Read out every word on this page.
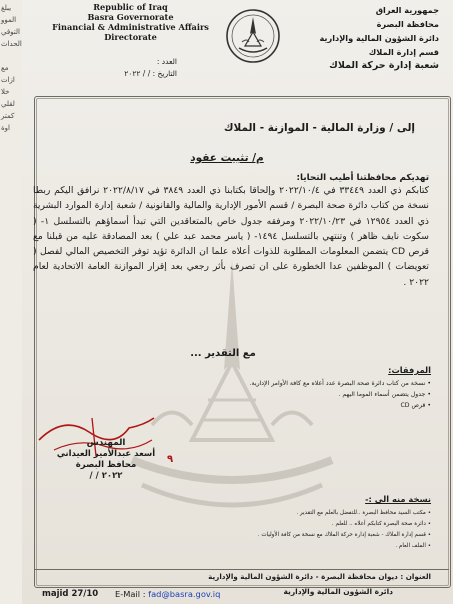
يبلغ
الموو
التوقي
الحداث
مع
ازات
خلا
لقلي
كمتر
اوة
Republic of Iraq
Basra Governorate
Financial & Administrative Affairs
Directorate
جمهورية العراق
محافظة البصرة
دائرة الشؤون المالية والإدارية
قسم إدارة الملاك
شعبة إدارة حركة الملاك
العدد :
التاريخ : / / ٢٠٢٢
إلى / وزارة المالية - الموازنة - الملاك
م/ تثبيت عقود
تهديكم محافظتنا أطيب التحايا:
كتابكم ذي العدد ٣٣٤٤٩ في ٢٠٢٢/١٠/٤ وإلحاقا بكتابنا ذي العدد ٣٨٤٩ في ٢٠٢٢/٨/١٧ نرافق اليكم ربطا نسخة من كتاب دائرة صحة البصرة / قسم الأمور الإدارية والمالية والقانونية / شعبة إدارة الموارد البشرية ذي العدد ١٢٩٥٤ في ٢٠٢٢/١٠/٢٣ ومرفقه جدول خاص بالمتعاقدين التي تبدأ أسماؤهم بالتسلسل ١- ( سكوت نايف ظاهر ) وتنتهي بالتسلسل ١٤٩٤- ( ياسر محمد عبد علي ) بعد المصادقة عليه من قبلنا مع قرص CD يتضمن المعلومات المطلوبة للذوات أعلاه علما ان الدائرة تؤيد توفر التخصيص المالي لفصل ( تعويضات ) الموظفين عدا الخطورة على ان تصرف بأثر رجعي بعد إقرار الموازنة العامة الاتحادية لعام ٢٠٢٢ .
مع التقدير ...
المرفقات:
• نسخة من كتاب دائرة صحة البصرة عدد أعلاه مع كافة الأوامر الإدارية.
• جدول يتضمن أسماء الموما اليهم .
• قرص CD
المهندس
أسعد عبدالأمير العيداني
محافظ البصرة
٢٠٢٢ / /
٩
نسخة منه الى :-
• مكتب السيد محافظ البصرة ..للتفضل بالعلم مع التقدير .
• دائرة صحة البصرة كتابكم أعلاه .. للعلم .
• قسم إدارة الملاك - شعبة إدارة حركة الملاك مع نسخة من كافة الأوليات .
• الملف العام .
العنوان : ديوان محافظة البصرة - دائرة الشؤون المالية والإدارية
majid 27/10 E-Mail : fad@basra.gov.iq	دائرة الشؤون المالية والإدارية
